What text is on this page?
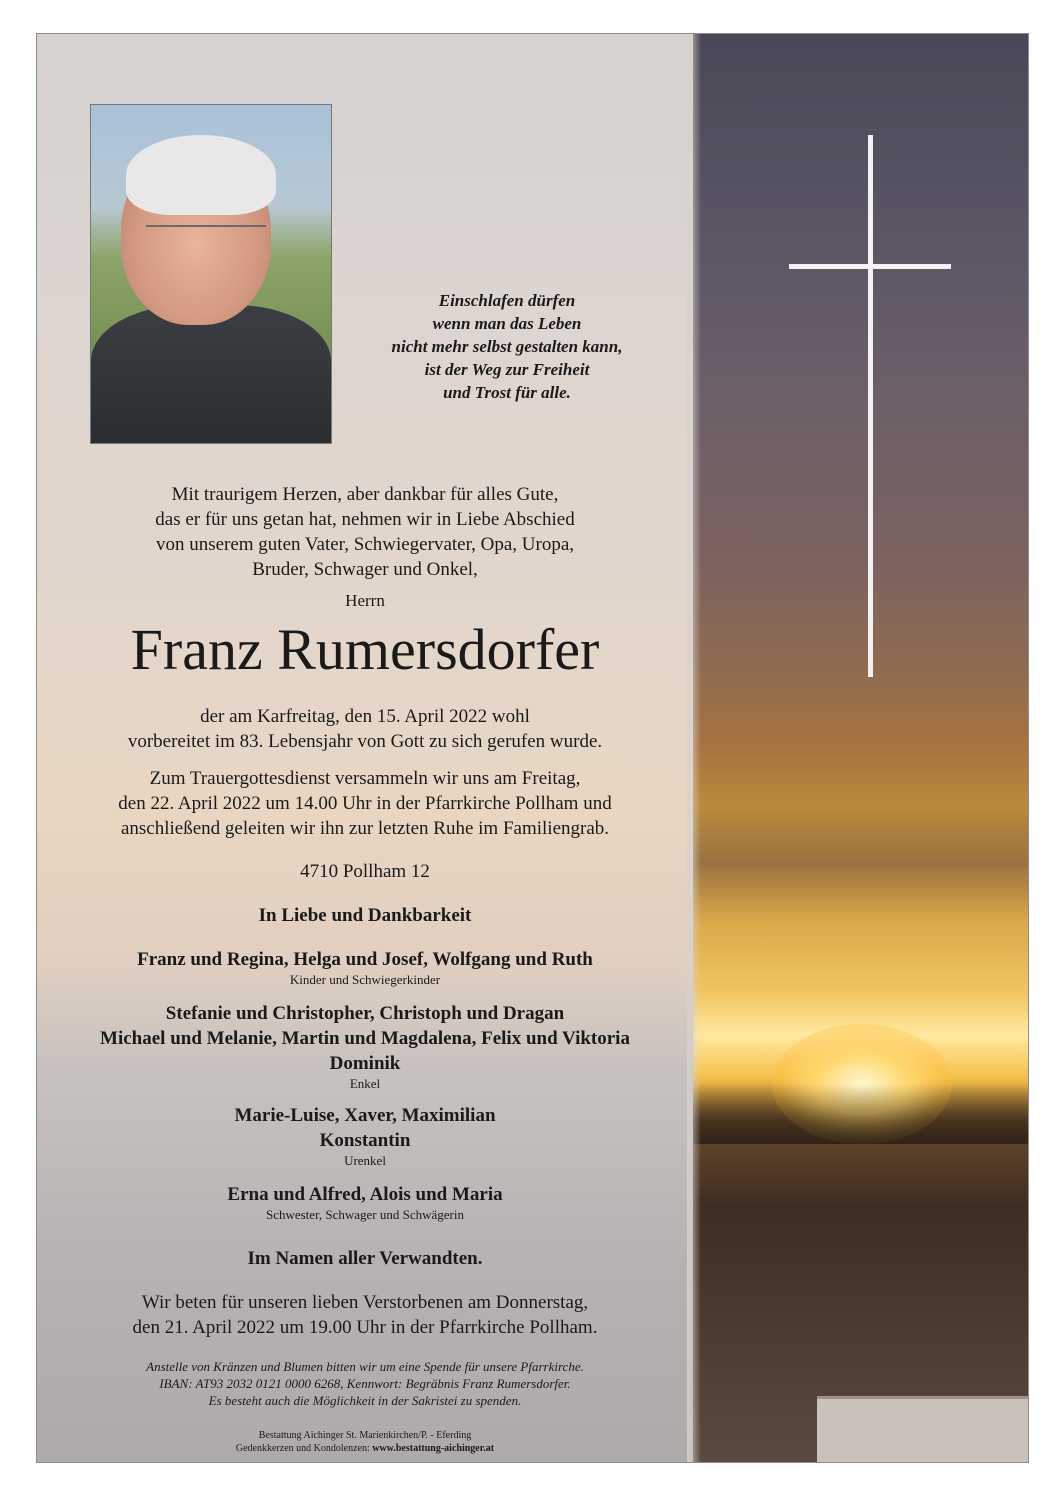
Einschlafen dürfen
wenn man das Leben
nicht mehr selbst gestalten kann,
ist der Weg zur Freiheit
und Trost für alle.
Mit traurigem Herzen, aber dankbar für alles Gute,
das er für uns getan hat, nehmen wir in Liebe Abschied
von unserem guten Vater, Schwiegervater, Opa, Uropa,
Bruder, Schwager und Onkel,
Herrn
Franz Rumersdorfer
der am Karfreitag, den 15. April 2022 wohl
vorbereitet im 83. Lebensjahr von Gott zu sich gerufen wurde.
Zum Trauergottesdienst versammeln wir uns am Freitag,
den 22. April 2022 um 14.00 Uhr in der Pfarrkirche Pollham und
anschließend geleiten wir ihn zur letzten Ruhe im Familiengrab.
4710 Pollham 12
In Liebe und Dankbarkeit
Franz und Regina, Helga und Josef, Wolfgang und Ruth
Kinder und Schwiegerkinder
Stefanie und Christopher, Christoph und Dragan
Michael und Melanie, Martin und Magdalena, Felix und Viktoria
Dominik
Enkel
Marie-Luise, Xaver, Maximilian
Konstantin
Urenkel
Erna und Alfred, Alois und Maria
Schwester, Schwager und Schwägerin
Im Namen aller Verwandten.
Wir beten für unseren lieben Verstorbenen am Donnerstag,
den 21. April 2022 um 19.00 Uhr in der Pfarrkirche Pollham.
Anstelle von Kränzen und Blumen bitten wir um eine Spende für unsere Pfarrkirche.
IBAN: AT93 2032 0121 0000 6268, Kennwort: Begräbnis Franz Rumersdorfer.
Es besteht auch die Möglichkeit in der Sakristei zu spenden.
Bestattung Aichinger St. Marienkirchen/P. - Eferding
Gedenkkerzen und Kondolenzen: www.bestattung-aichinger.at
